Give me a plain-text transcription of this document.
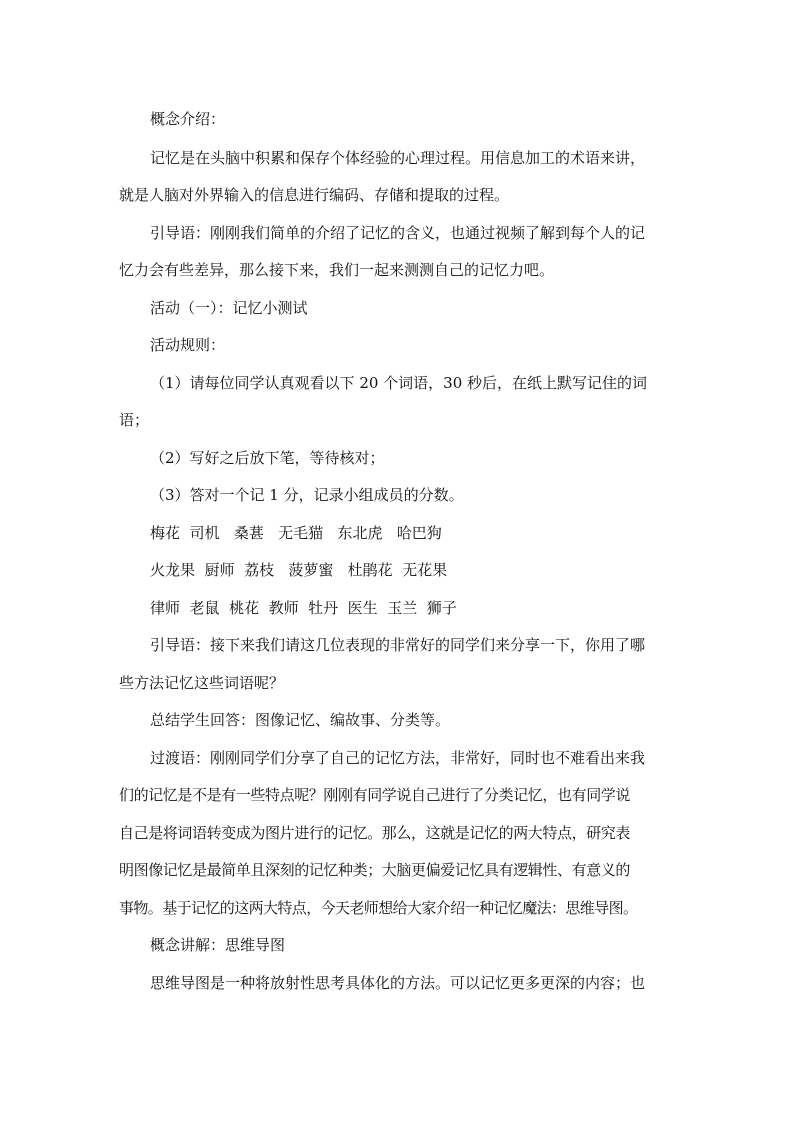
概念介绍：
记忆是在头脑中积累和保存个体经验的心理过程。用信息加工的术语来讲，
就是人脑对外界输入的信息进行编码、存储和提取的过程。
引导语：刚刚我们简单的介绍了记忆的含义，也通过视频了解到每个人的记
忆力会有些差异，那么接下来，我们一起来测测自己的记忆力吧。
活动（一）：记忆小测试
活动规则：
（1）请每位同学认真观看以下 20 个词语，30 秒后，在纸上默写记住的词
语；
（2）写好之后放下笔，等待核对；
（3）答对一个记 1 分，记录小组成员的分数。
梅花  司机   桑葚   无毛猫   东北虎   哈巴狗
火龙果  厨师  荔枝   菠萝蜜   杜鹃花  无花果
律师  老鼠  桃花  教师  牡丹  医生  玉兰  狮子
引导语：接下来我们请这几位表现的非常好的同学们来分享一下，你用了哪
些方法记忆这些词语呢？
总结学生回答：图像记忆、编故事、分类等。
过渡语：刚刚同学们分享了自己的记忆方法，非常好，同时也不难看出来我
们的记忆是不是有一些特点呢？刚刚有同学说自己进行了分类记忆，也有同学说
自己是将词语转变成为图片进行的记忆。那么，这就是记忆的两大特点，研究表
明图像记忆是最简单且深刻的记忆种类；大脑更偏爱记忆具有逻辑性、有意义的
事物。基于记忆的这两大特点，今天老师想给大家介绍一种记忆魔法：思维导图。
概念讲解：思维导图
思维导图是一种将放射性思考具体化的方法。可以记忆更多更深的内容；也
